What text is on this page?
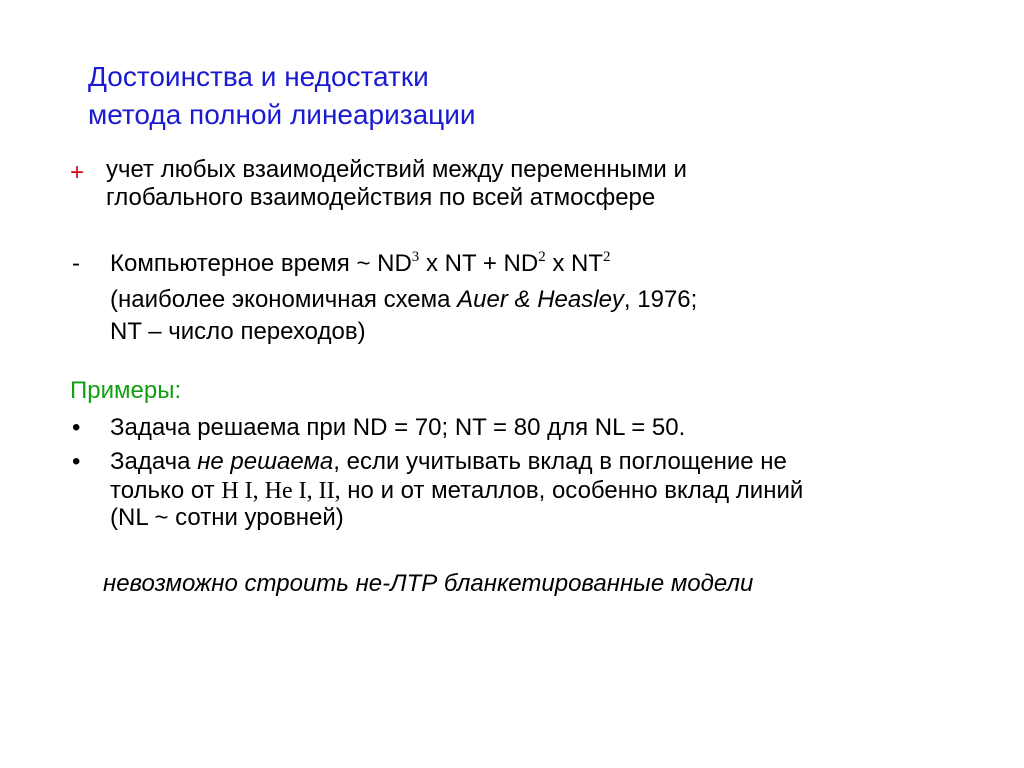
Достоинства и недостатки
метода полной линеаризации
+ учет любых взаимодействий между переменными и
глобального взаимодействия по всей атмосфере
- Компьютерное время ~ $ND^3$ x NT + $ND^2$ x $NT^2$
(наиболее экономичная схема Auer & Heasley, 1976;
NT – число переходов)
Примеры:
• Задача решаема при ND = 70; NT = 80 для NL = 50.
• Задача не решаема, если учитывать вклад в поглощение не
только от H I, He I, II, но и от металлов, особенно вклад линий
(NL ~ сотни уровней)
невозможно строить не-ЛТР бланкетированные модели
